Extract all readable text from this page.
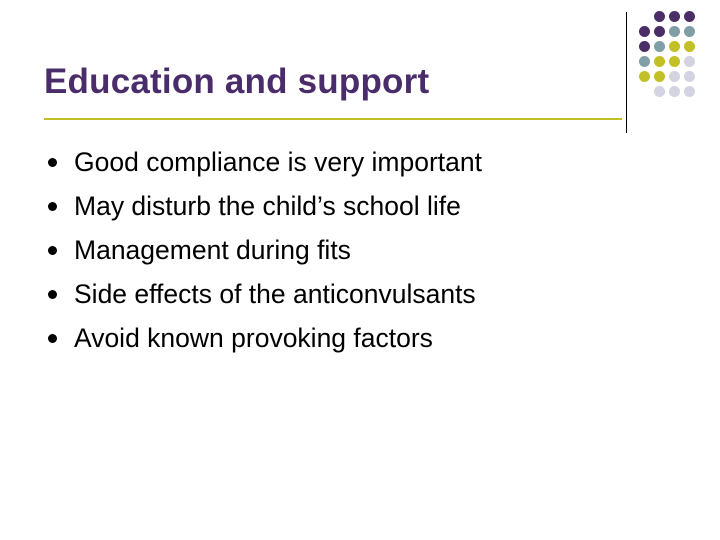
Education and support
Good compliance is very important
May disturb the child’s school life
Management during fits
Side effects of the anticonvulsants
Avoid known provoking factors
